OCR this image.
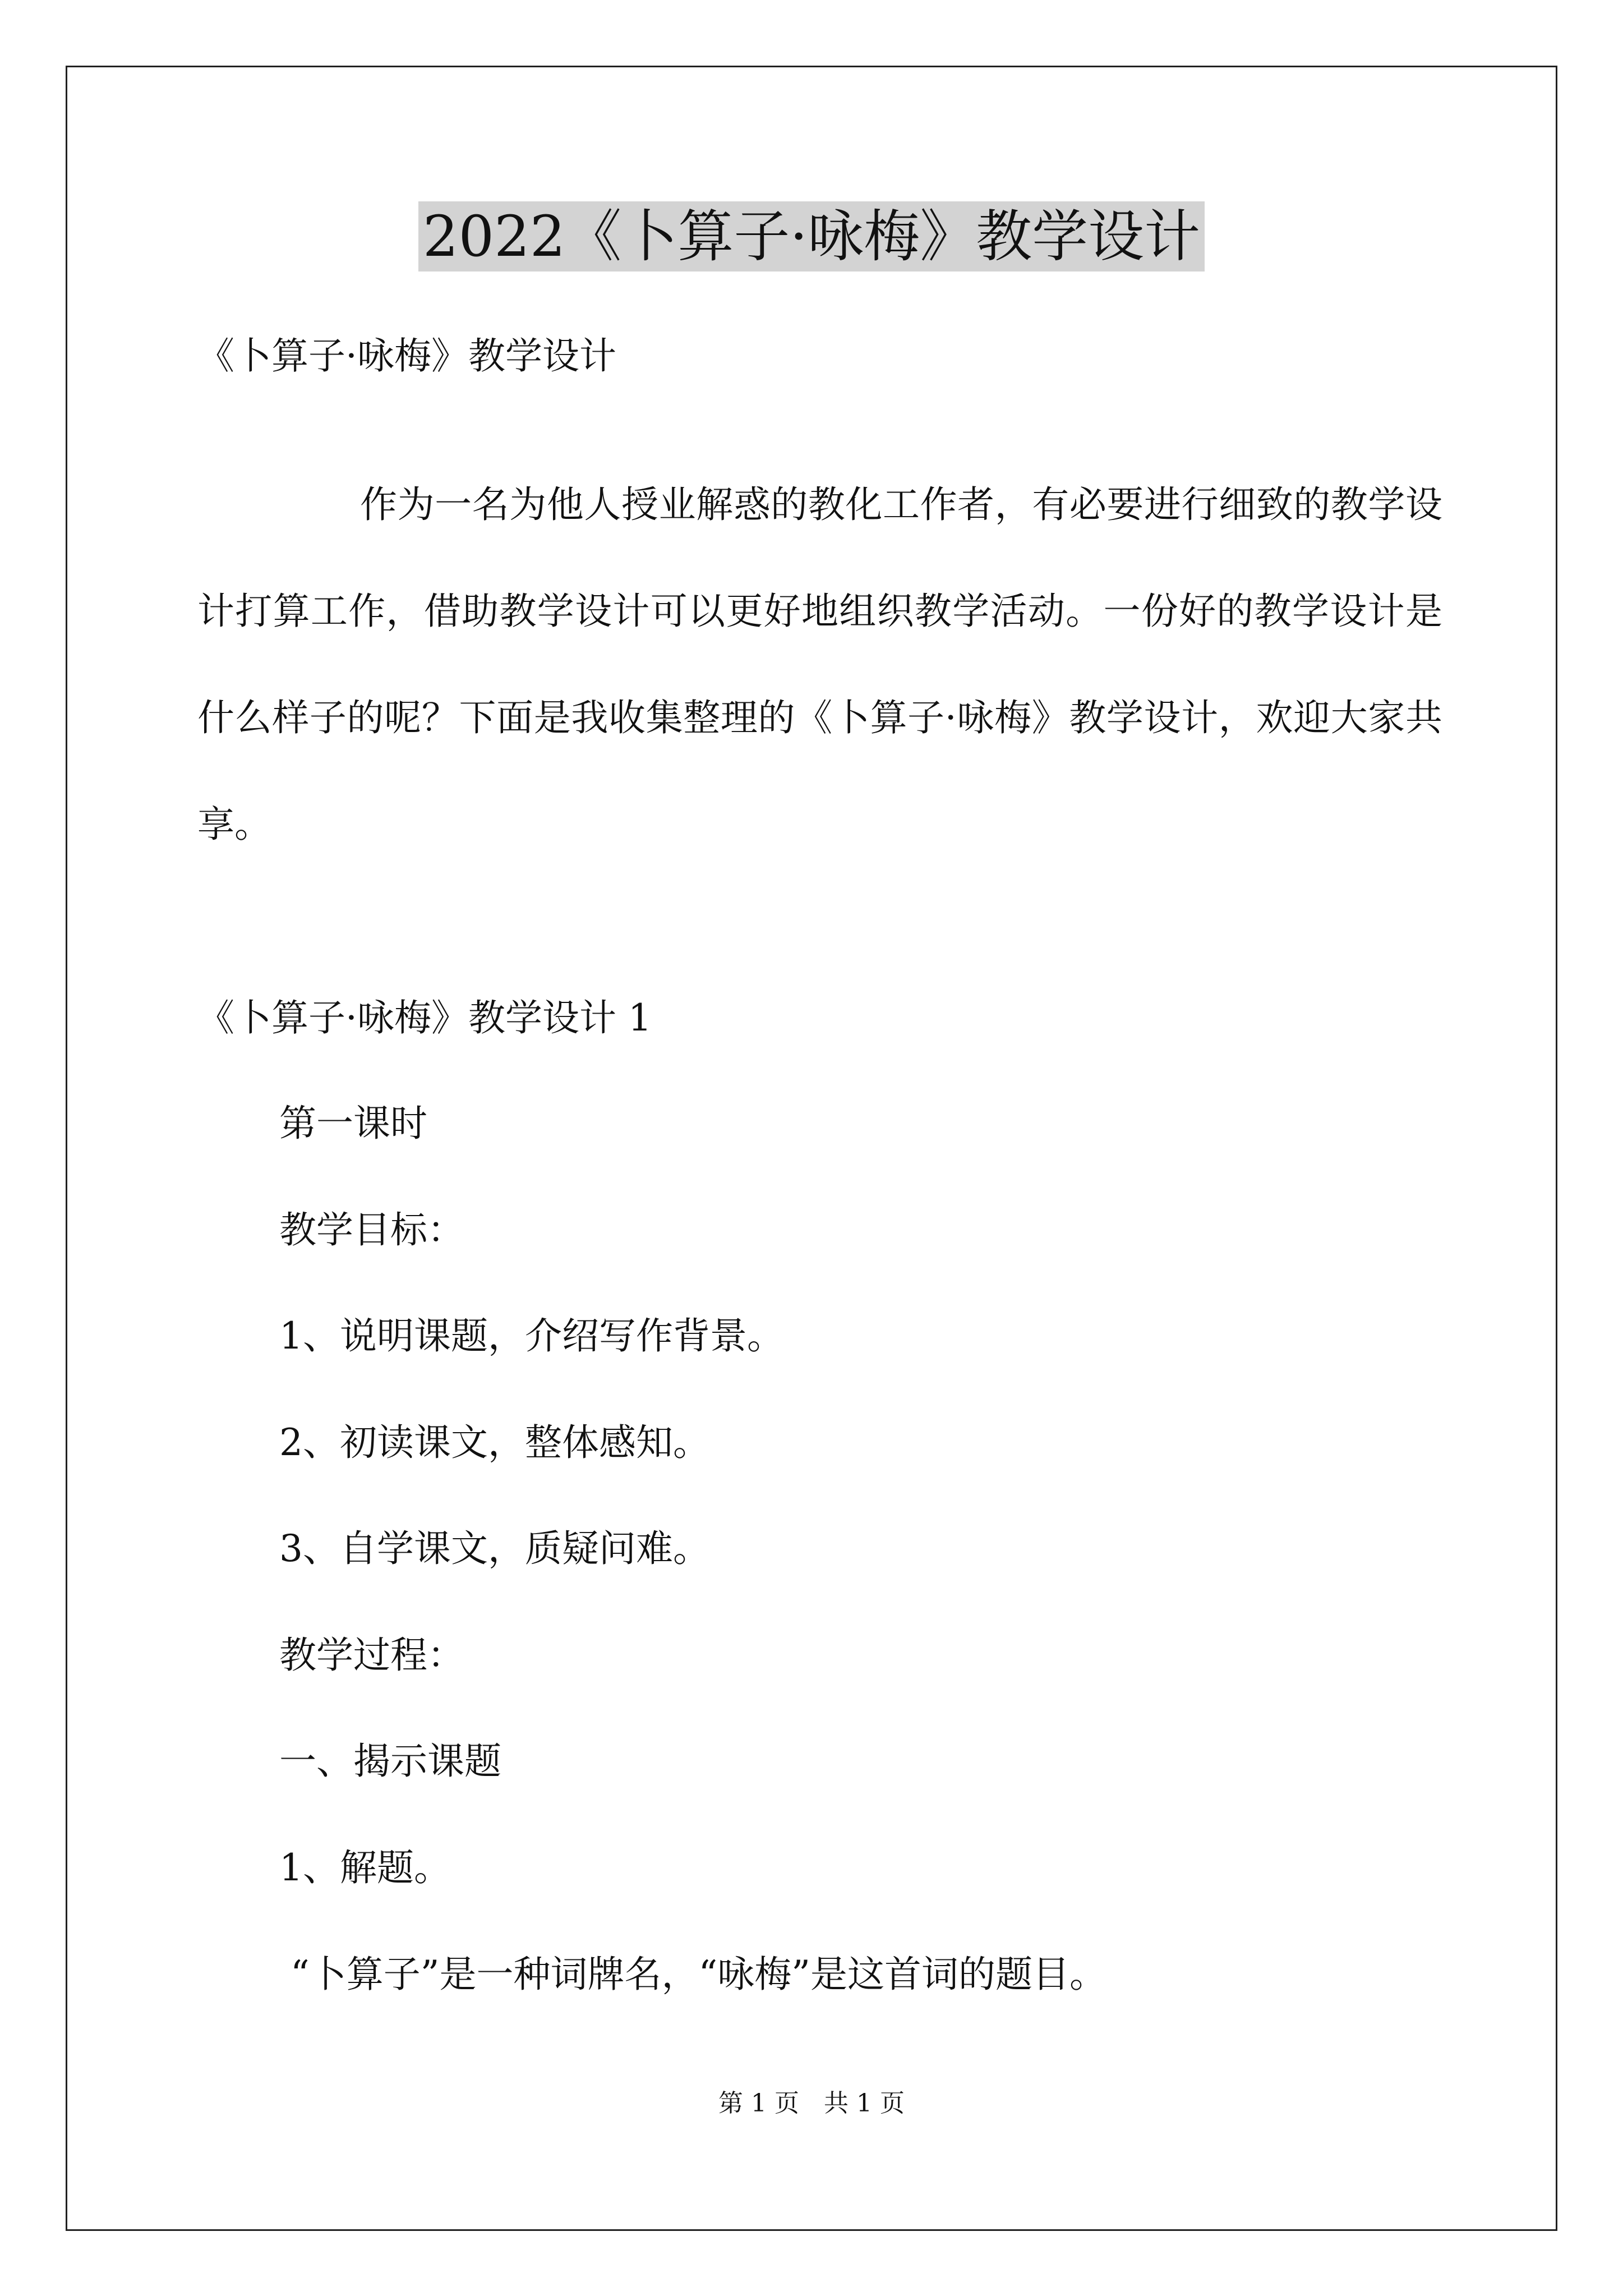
2022《卜算子·咏梅》教学设计
《卜算子·咏梅》教学设计
作为一名为他人授业解惑的教化工作者，有必要进行细致的教学设计打算工作，借助教学设计可以更好地组织教学活动。一份好的教学设计是什么样子的呢？下面是我收集整理的《卜算子·咏梅》教学设计，欢迎大家共享。
《卜算子·咏梅》教学设计 1
第一课时
教学目标：
1、说明课题，介绍写作背景。
2、初读课文，整体感知。
3、自学课文，质疑问难。
教学过程：
一、揭示课题
1、解题。
“卜算子”是一种词牌名，“咏梅”是这首词的题目。
第 1 页　共 1 页
